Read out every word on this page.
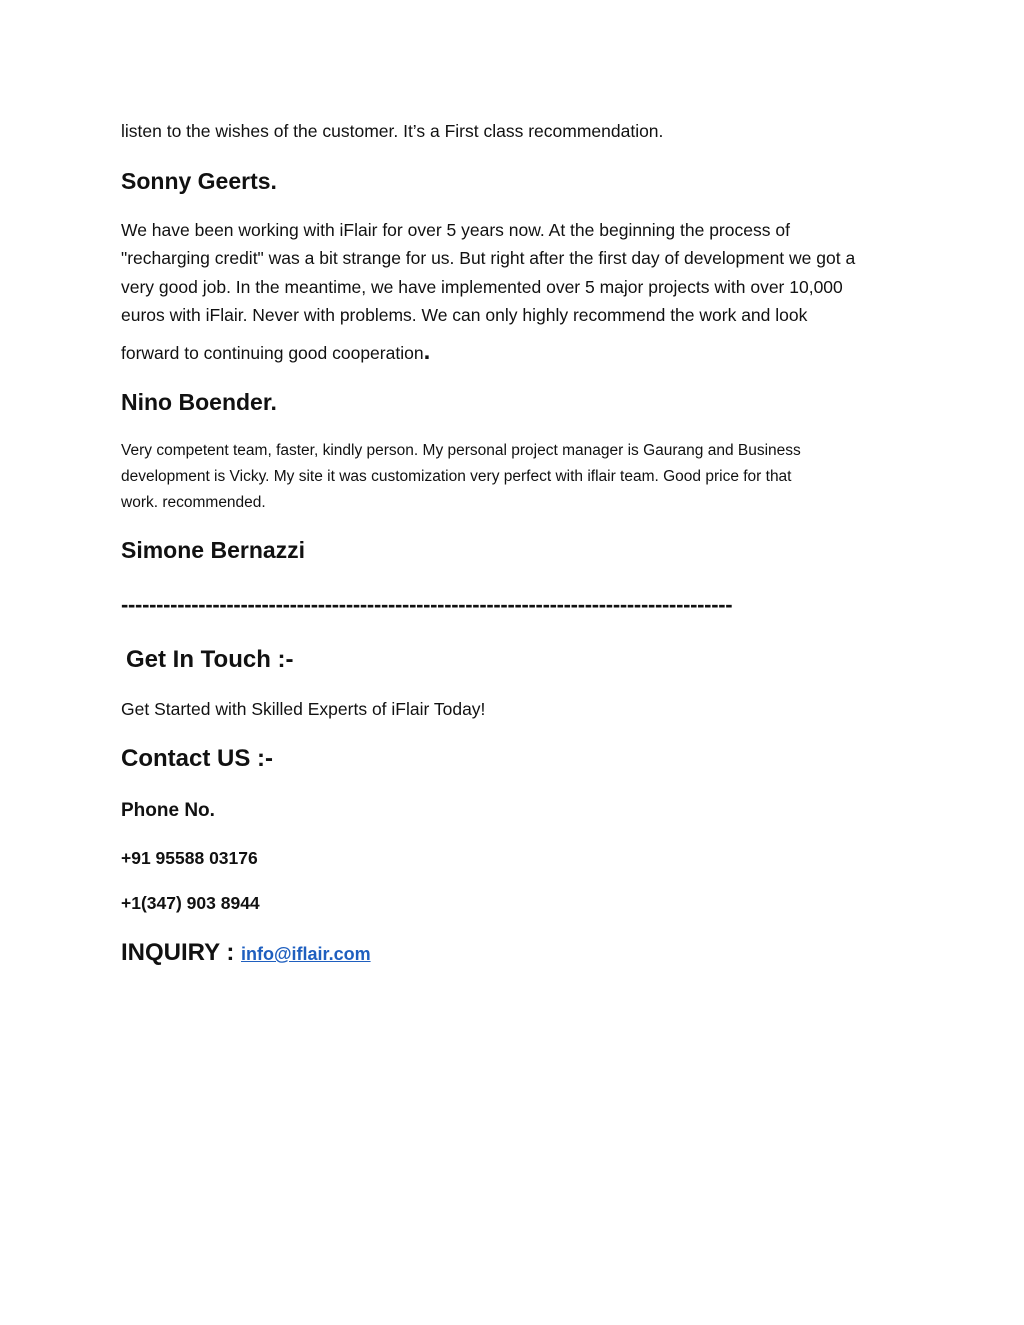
listen to the wishes of the customer. It’s a First class recommendation.

Sonny Geerts.

We have been working with iFlair for over 5 years now. At the beginning the process of

"recharging credit" was a bit strange for us. But right after the first day of development we got a

very good job. In the meantime, we have implemented over 5 major projects with over 10,000

euros with iFlair. Never with problems. We can only highly recommend the work and look

forward to continuing good cooperation.

Nino Boender.

Very competent team, faster, kindly person. My personal project manager is Gaurang and Business

development is Vicky. My site it was customization very perfect with iflair team. Good price for that

work. recommended.

Simone Bernazzi

---------------------------------------------------------------------------------------

Get In Touch :-

Get Started with Skilled Experts of iFlair Today!

Contact US :-

Phone No.

+91 95588 03176

+1(347) 903 8944

INQUIRY : info@iflair.com
